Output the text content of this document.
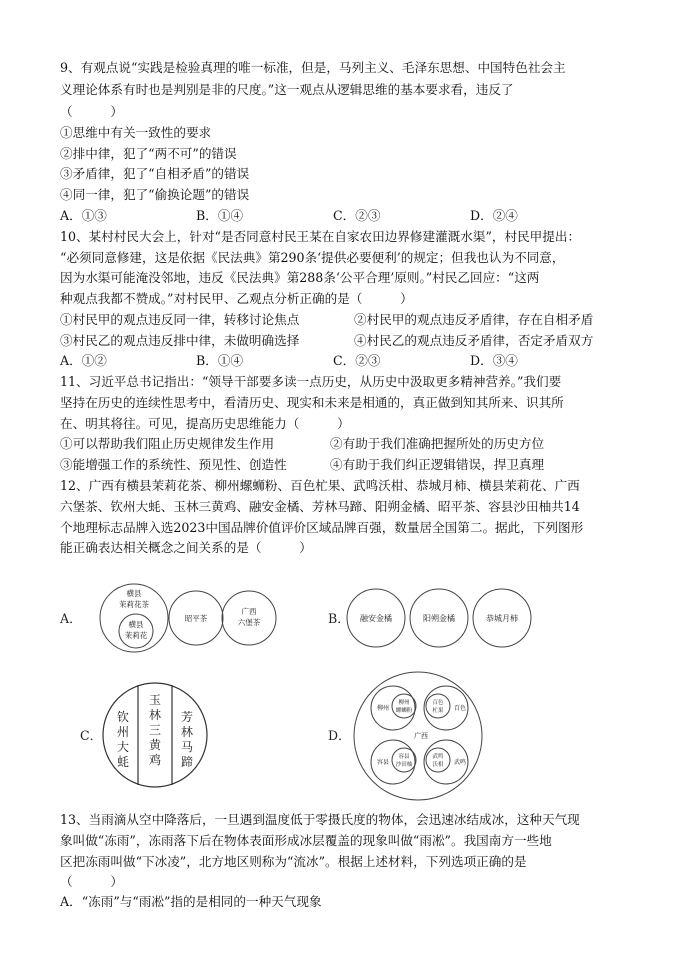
9、有观点说“实践是检验真理的唯一标准，但是，马列主义、毛泽东思想、中国特色社会主
义理论体系有时也是判别是非的尺度。”这一观点从逻辑思维的基本要求看，违反了
（　　　）
①思维中有关一致性的要求
②排中律，犯了“两不可”的错误
③矛盾律，犯了“自相矛盾”的错误
④同一律，犯了“偷换论题”的错误
A．①③	B．①④	C．②③	D．②④
10、某村村民大会上，针对“是否同意村民王某在自家农田边界修建灌溉水渠”，村民甲提出：
“必须同意修建，这是依据《民法典》第290条‘提供必要便利’的规定；但我也认为不同意，
因为水渠可能淹没邻地，违反《民法典》第288条‘公平合理’原则。”村民乙回应：“这两
种观点我都不赞成。”对村民甲、乙观点分析正确的是（　　　）
①村民甲的观点违反同一律，转移讨论焦点	②村民甲的观点违反矛盾律，存在自相矛盾
③村民乙的观点违反排中律，未做明确选择	④村民乙的观点违反矛盾律，否定矛盾双方
A．①②	B．①④	C．②③	D．③④
11、习近平总书记指出：“领导干部要多读一点历史，从历史中汲取更多精神营养。”我们要
坚持在历史的连续性思考中，看清历史、现实和未来是相通的，真正做到知其所来、识其所
在、明其将往。可见，提高历史思维能力（　　　）
①可以帮助我们阻止历史规律发生作用	②有助于我们准确把握所处的历史方位
③能增强工作的系统性、预见性、创造性	④有助于我们纠正逻辑错误，捍卫真理
12、广西有横县茉莉花茶、柳州螺蛳粉、百色杧果、武鸣沃柑、恭城月柿、横县茉莉花、广西
六堡茶、钦州大蚝、玉林三黄鸡、融安金橘、芳林马蹄、阳朔金橘、昭平茶、容县沙田柚共14
个地理标志品牌入选2023中国品牌价值评价区域品牌百强，数量居全国第二。据此，下列图形
能正确表达相关概念之间关系的是（　　　）
A．
横县
茉莉花茶
横县
茉莉花
昭平茶
广西
六堡茶	B． 融安金橘	阳朔金橘	恭城月柿
C．
钦
州
大
蚝
玉
林
三
黄
鸡
芳
林
马
蹄
D．	广西
柳州
柳州
螺蛳粉
百色
杧果 百色
容县
容县
沙田柚
武鸣
沃柑 武鸣
13、当雨滴从空中降落后，一旦遇到温度低于零摄氏度的物体，会迅速冰结成冰，这种天气现
象叫做“冻雨”，冻雨落下后在物体表面形成冰层覆盖的现象叫做“雨凇”。我国南方一些地
区把冻雨叫做“下冰凌”，北方地区则称为“流冰”。根据上述材料，下列选项正确的是
（　　　）
A．“冻雨”与“雨凇”指的是相同的一种天气现象
